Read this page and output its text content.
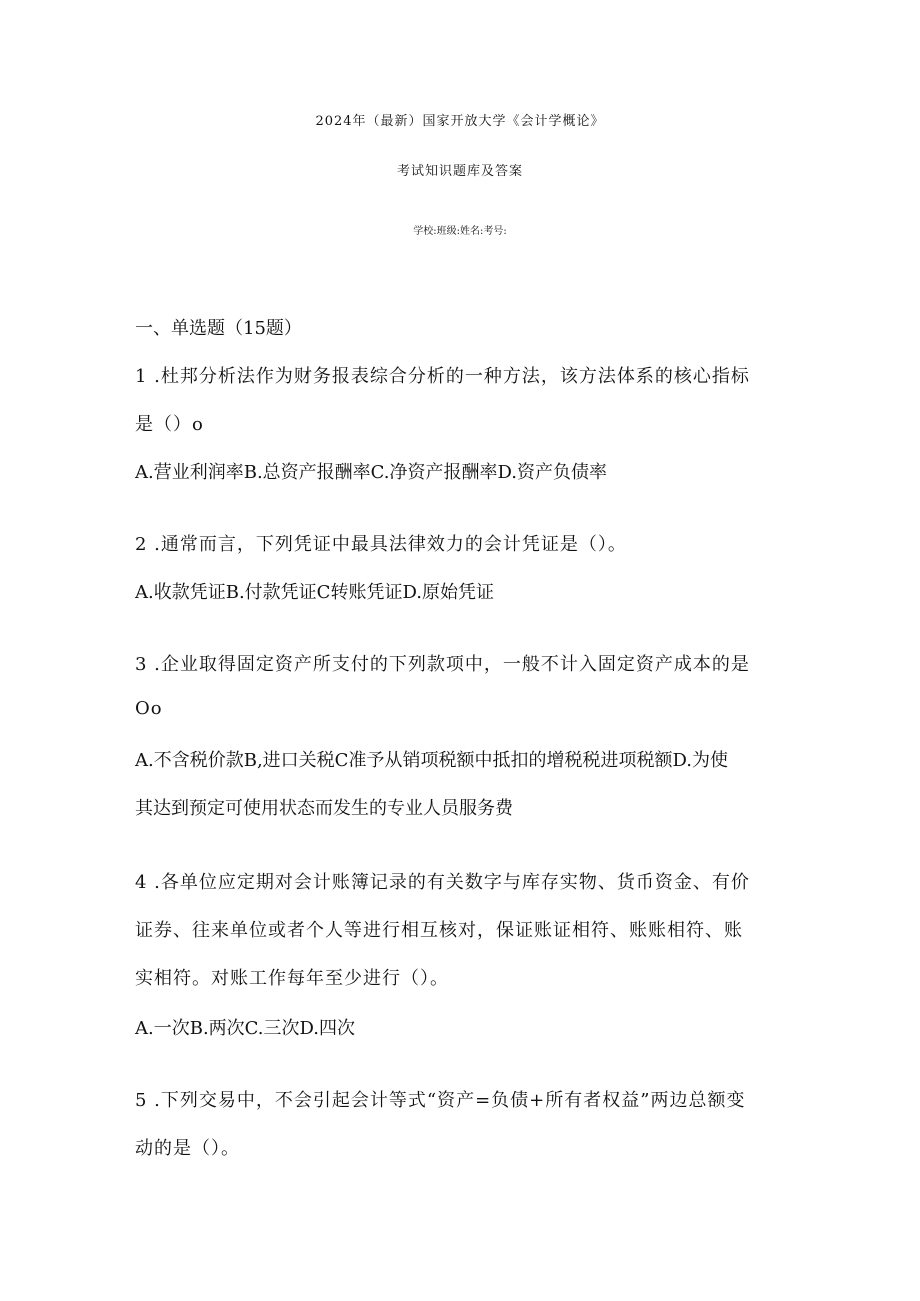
2024年（最新）国家开放大学《会计学概论》
考试知识题库及答案
学校:班级:姓名:考号:
一、单选题（15题）
1 .杜邦分析法作为财务报表综合分析的一种方法，该方法体系的核心指标
是（）o
A.营业利润率B.总资产报酬率C.净资产报酬率D.资产负债率
2 .通常而言，下列凭证中最具法律效力的会计凭证是（）。
A.收款凭证B.付款凭证C转账凭证D.原始凭证
3 .企业取得固定资产所支付的下列款项中，一般不计入固定资产成本的是
Oo
A.不含税价款B,进口关税C准予从销项税额中抵扣的增税税进项税额D.为使
其达到预定可使用状态而发生的专业人员服务费
4 .各单位应定期对会计账簿记录的有关数字与库存实物、货币资金、有价
证券、往来单位或者个人等进行相互核对，保证账证相符、账账相符、账
实相符。对账工作每年至少进行（）。
A.一次B.两次C.三次D.四次
5 .下列交易中，不会引起会计等式“资产=负债+所有者权益”两边总额变
动的是（）。
